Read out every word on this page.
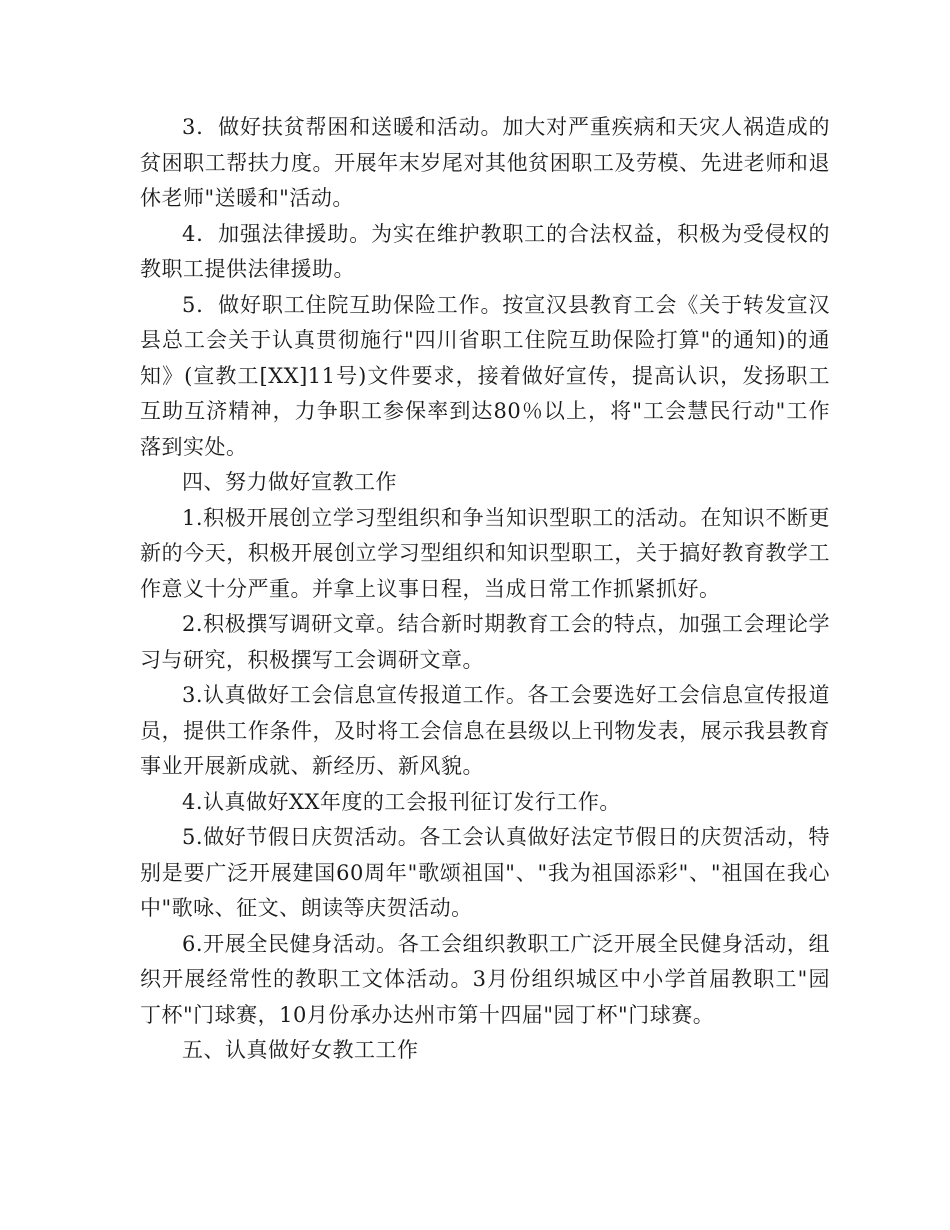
3．做好扶贫帮困和送暖和活动。加大对严重疾病和天灾人祸造成的贫困职工帮扶力度。开展年末岁尾对其他贫困职工及劳模、先进老师和退休老师"送暖和"活动。

4．加强法律援助。为实在维护教职工的合法权益，积极为受侵权的教职工提供法律援助。

5．做好职工住院互助保险工作。按宣汉县教育工会《关于转发宣汉县总工会关于认真贯彻施行"四川省职工住院互助保险打算"的通知)的通知》(宣教工[XX]11号)文件要求，接着做好宣传，提高认识，发扬职工互助互济精神，力争职工参保率到达80％以上，将"工会慧民行动"工作落到实处。

四、努力做好宣教工作

1.积极开展创立学习型组织和争当知识型职工的活动。在知识不断更新的今天，积极开展创立学习型组织和知识型职工，关于搞好教育教学工作意义十分严重。并拿上议事日程，当成日常工作抓紧抓好。

2.积极撰写调研文章。结合新时期教育工会的特点，加强工会理论学习与研究，积极撰写工会调研文章。

3.认真做好工会信息宣传报道工作。各工会要选好工会信息宣传报道员，提供工作条件，及时将工会信息在县级以上刊物发表，展示我县教育事业开展新成就、新经历、新风貌。

4.认真做好XX年度的工会报刊征订发行工作。

5.做好节假日庆贺活动。各工会认真做好法定节假日的庆贺活动，特别是要广泛开展建国60周年"歌颂祖国"、"我为祖国添彩"、"祖国在我心中"歌咏、征文、朗读等庆贺活动。

6.开展全民健身活动。各工会组织教职工广泛开展全民健身活动，组织开展经常性的教职工文体活动。3月份组织城区中小学首届教职工"园丁杯"门球赛，10月份承办达州市第十四届"园丁杯"门球赛。

五、认真做好女教工工作
